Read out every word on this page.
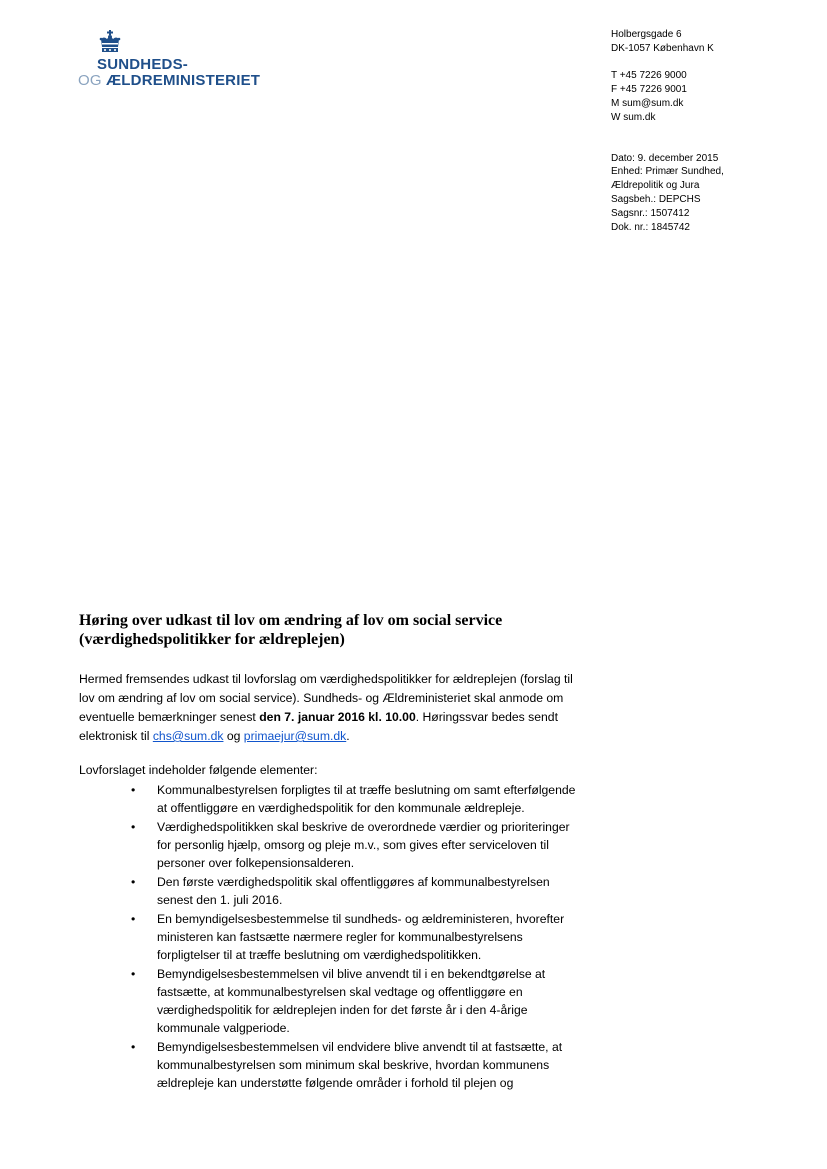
SUNDHEDS-
OG ÆLDREMINISTERIET
Holbergsgade 6
DK-1057 København K
T +45 7226 9000
F +45 7226 9001
M sum@sum.dk
W sum.dk
Dato: 9. december 2015
Enhed: Primær Sundhed,
Ældrepolitik og Jura
Sagsbeh.: DEPCHS
Sagsnr.: 1507412
Dok. nr.: 1845742
Høring over udkast til lov om ændring af lov om social service
(værdighedspolitikker for ældreplejen)

Hermed fremsendes udkast til lovforslag om værdighedspolitikker for ældreplejen (forslag til lov om ændring af lov om social service). Sundheds- og Ældreministeriet skal anmode om eventuelle bemærkninger senest den 7. januar 2016 kl. 10.00. Høringssvar bedes sendt elektronisk til chs@sum.dk og primaejur@sum.dk.

Lovforslaget indeholder følgende elementer:

•	Kommunalbestyrelsen forpligtes til at træffe beslutning om samt efterfølgende at offentliggøre en værdighedspolitik for den kommunale ældrepleje.
•	Værdighedspolitikken skal beskrive de overordnede værdier og prioriteringer for personlig hjælp, omsorg og pleje m.v., som gives efter serviceloven til personer over folkepensionsalderen.
•	Den første værdighedspolitik skal offentliggøres af kommunalbestyrelsen senest den 1. juli 2016.
•	En bemyndigelsesbestemmelse til sundheds- og ældreministeren, hvorefter ministeren kan fastsætte nærmere regler for kommunalbestyrelsens forpligtelser til at træffe beslutning om værdighedspolitikken.
•	Bemyndigelsesbestemmelsen vil blive anvendt til i en bekendtgørelse at fastsætte, at kommunalbestyrelsen skal vedtage og offentliggøre en værdighedspolitik for ældreplejen inden for det første år i den 4-årige kommunale valgperiode.
•	Bemyndigelsesbestemmelsen vil endvidere blive anvendt til at fastsætte, at kommunalbestyrelsen som minimum skal beskrive, hvordan kommunens ældrepleje kan understøtte følgende områder i forhold til plejen og
